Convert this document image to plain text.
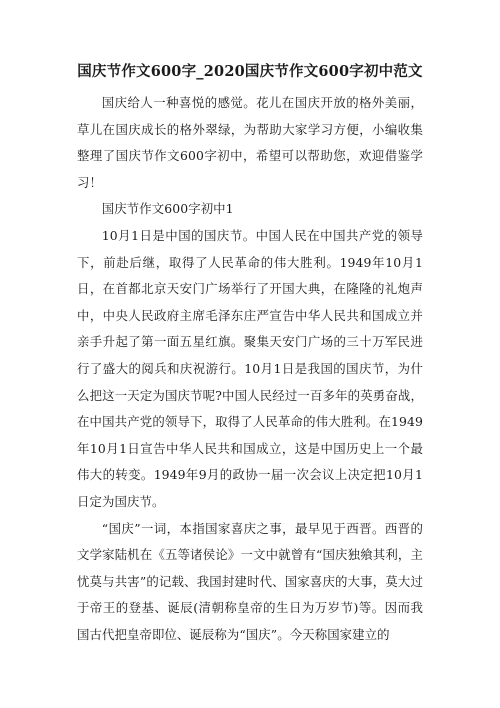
国庆节作文600字_2020国庆节作文600字初中范文

国庆给人一种喜悦的感觉。花儿在国庆开放的格外美丽，草儿在国庆成长的格外翠绿，为帮助大家学习方便，小编收集整理了国庆节作文600字初中，希望可以帮助您，欢迎借鉴学习！

国庆节作文600字初中1

10月1日是中国的国庆节。中国人民在中国共产党的领导下，前赴后继，取得了人民革命的伟大胜利。1949年10月1日，在首都北京天安门广场举行了开国大典，在隆隆的礼炮声中，中央人民政府主席毛泽东庄严宣告中华人民共和国成立并亲手升起了第一面五星红旗。聚集天安门广场的三十万军民进行了盛大的阅兵和庆祝游行。10月1日是我国的国庆节，为什么把这一天定为国庆节呢?中国人民经过一百多年的英勇奋战，在中国共产党的领导下，取得了人民革命的伟大胜利。在1949年10月1日宣告中华人民共和国成立，这是中国历史上一个最伟大的转变。1949年9月的政协一届一次会议上决定把10月1日定为国庆节。

“国庆”一词，本指国家喜庆之事，最早见于西晋。西晋的文学家陆机在《五等诸侯论》一文中就曾有“国庆独飨其利，主忧莫与共害”的记载、我国封建时代、国家喜庆的大事，莫大过于帝王的登基、诞辰(清朝称皇帝的生日为万岁节)等。因而我国古代把皇帝即位、诞辰称为“国庆”。今天称国家建立的
